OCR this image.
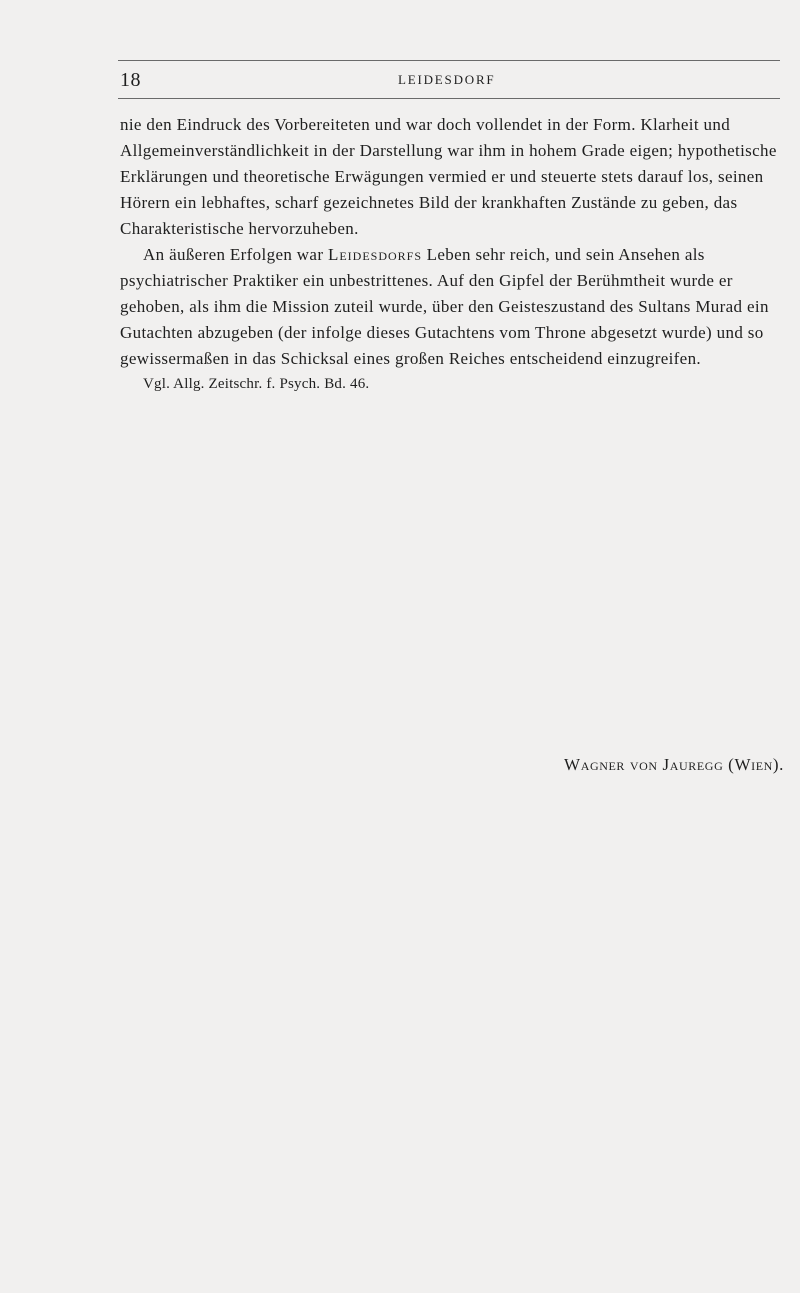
18	LEIDESDORF

nie den Eindruck des Vorbereiteten und war doch vollendet in der Form. Klarheit und Allgemeinverständlichkeit in der Darstellung war ihm in hohem Grade eigen; hypothetische Erklärungen und theoretische Erwägungen vermied er und steuerte stets darauf los, seinen Hörern ein lebhaftes, scharf gezeichnetes Bild der krankhaften Zustände zu geben, das Charakteristische hervorzuheben.

An äußeren Erfolgen war Leidesdorfs Leben sehr reich, und sein Ansehen als psychiatrischer Praktiker ein unbestrittenes. Auf den Gipfel der Berühmtheit wurde er gehoben, als ihm die Mission zuteil wurde, über den Geisteszustand des Sultans Murad ein Gutachten abzugeben (der infolge dieses Gutachtens vom Throne abgesetzt wurde) und so gewissermaßen in das Schicksal eines großen Reiches entscheidend einzugreifen.

Vgl. Allg. Zeitschr. f. Psych. Bd. 46.

Wagner von Jauregg (Wien).
